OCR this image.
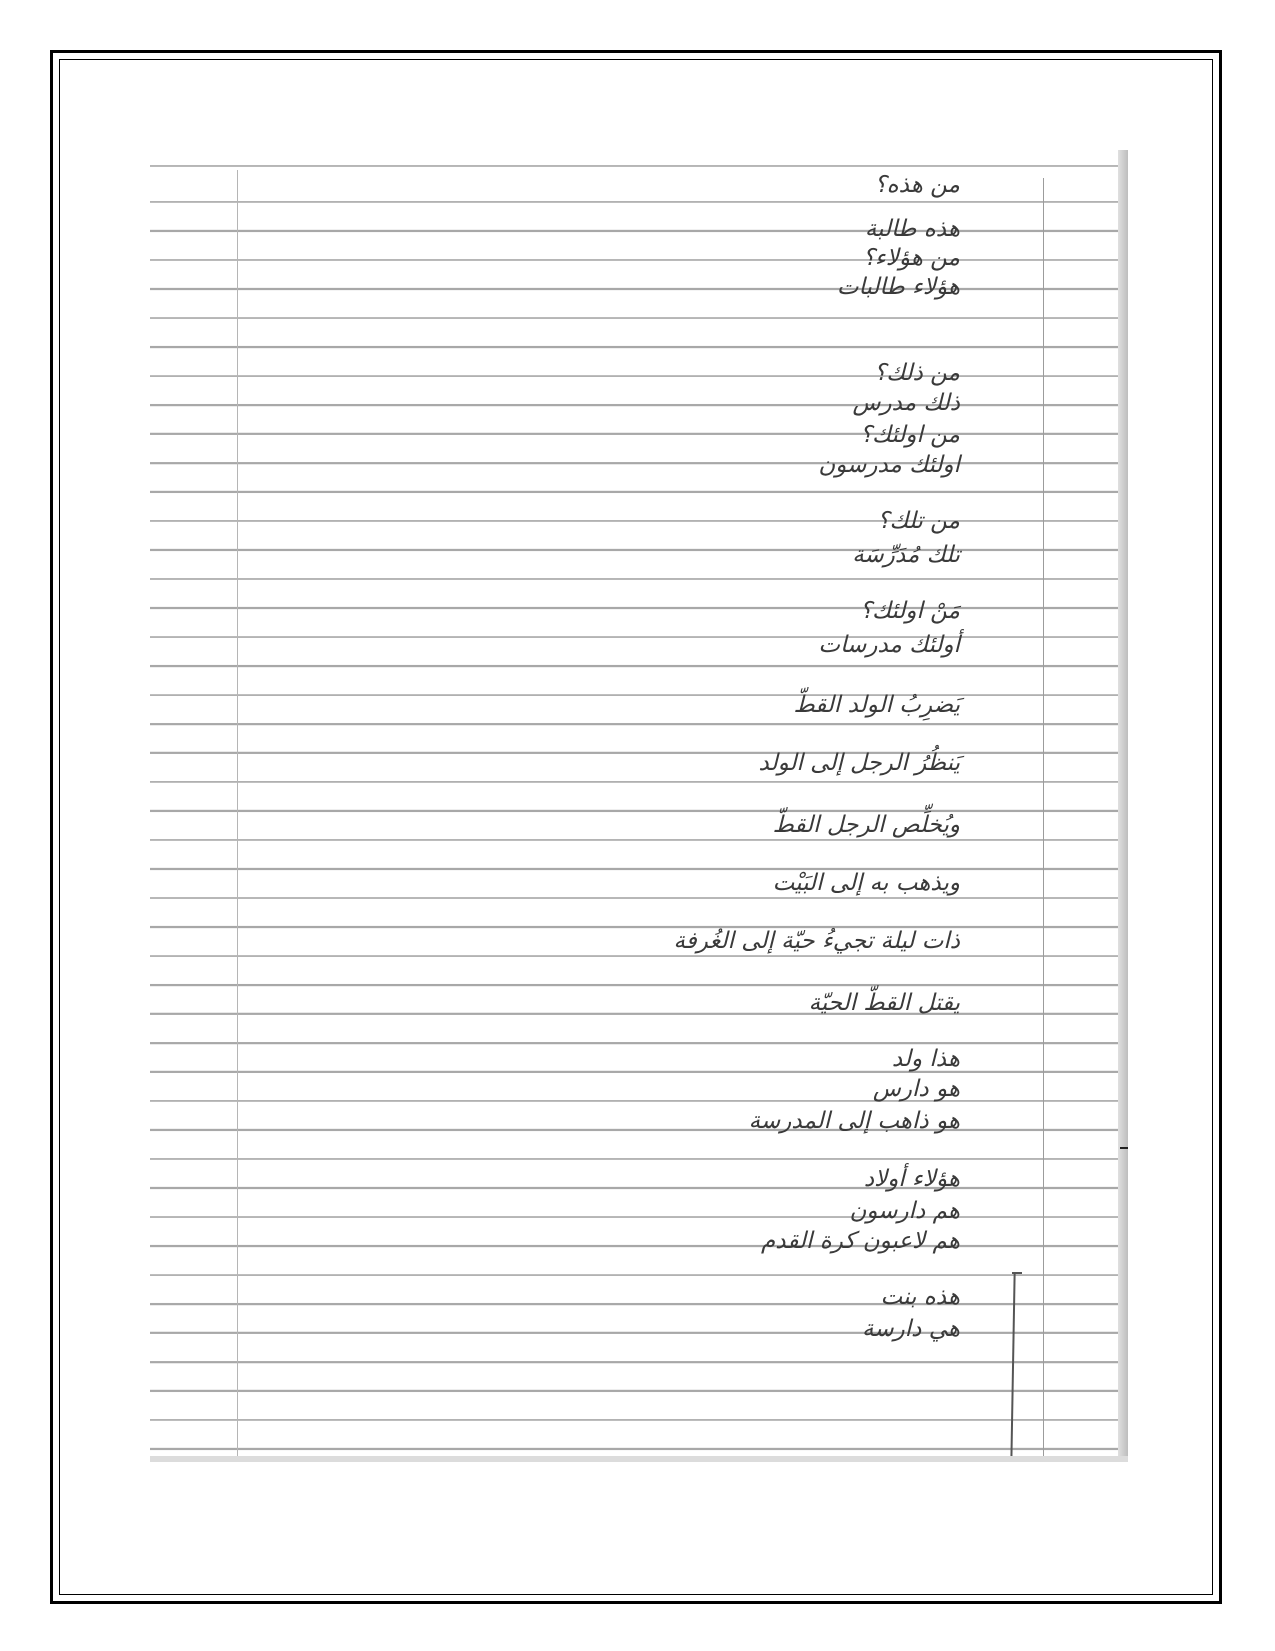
من هذه؟
هذه طالبة
من هؤلاء؟
هؤلاء طالبات
من ذلك؟
ذلك مدرس
من اولئك؟
اولئك مدرسون
من تلك؟
تلك مُدَرِّسَة
مَنْ اولئك؟
أولئك مدرسات
يَضرِبُ الولد القطّ
يَنظُرُ الرجل إلى الولد
ويُخلِّص الرجل القطّ
ويذهب به إلى البَيْت
ذات ليلة تجيءُ حيّة إلى الغُرفة
يقتل القطّ الحيّة
هذا ولد
هو دارس
هو ذاهب إلى المدرسة
هؤلاء أولاد
هم دارسون
هم لاعبون كرة القدم
هذه بنت
هي دارسة
